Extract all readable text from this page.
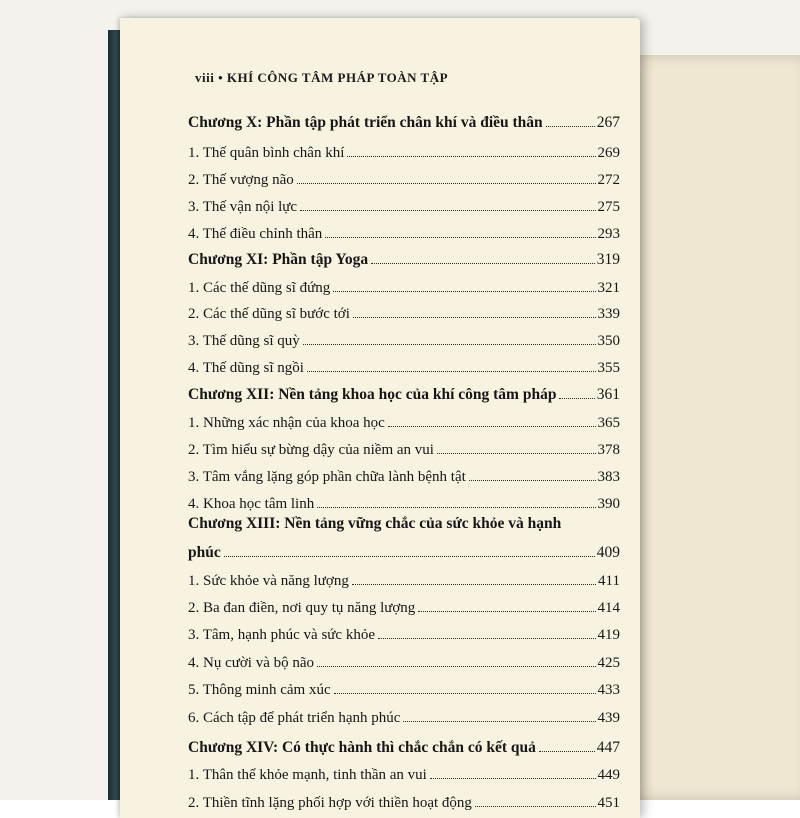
viii • KHÍ CÔNG TÂM PHÁP TOÀN TẬP
Chương X: Phần tập phát triển chân khí và điều thân	267
1. Thế quân bình chân khí	269
2. Thế vượng não	272
3. Thế vận nội lực	275
4. Thế điều chỉnh thân	293
Chương XI: Phần tập Yoga	319
1. Các thế dũng sĩ đứng	321
2. Các thế dũng sĩ bước tới	339
3. Thế dũng sĩ quỳ	350
4. Thế dũng sĩ ngồi	355
Chương XII: Nền tảng khoa học của khí công tâm pháp	361
1. Những xác nhận của khoa học	365
2. Tìm hiểu sự bừng dậy của niềm an vui	378
3. Tâm vắng lặng góp phần chữa lành bệnh tật	383
4. Khoa học tâm linh	390
Chương XIII: Nền tảng vững chắc của sức khỏe và hạnh
phúc	409
1. Sức khỏe và năng lượng	411
2. Ba đan điền, nơi quy tụ năng lượng	414
3. Tâm, hạnh phúc và sức khỏe	419
4. Nụ cười và bộ não	425
5. Thông minh cảm xúc	433
6. Cách tập để phát triển hạnh phúc	439
Chương XIV: Có thực hành thì chắc chắn có kết quả	447
1. Thân thể khỏe mạnh, tinh thần an vui	449
2. Thiền tĩnh lặng phối hợp với thiền hoạt động	451
